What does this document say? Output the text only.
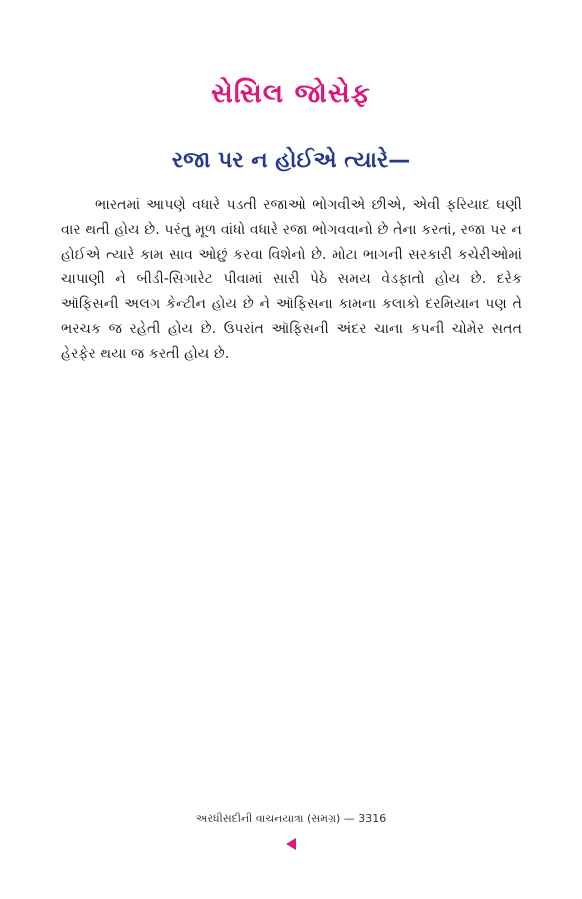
સેસિલ જોસેફ
રજા પર ન હોઈએ ત્યારે—

ભારતમાં આપણે વધારે પડતી રજાઓ ભોગવીએ છીએ, એવી ફરિયાદ ઘણી વાર થતી હોય છે. પરંતુ મૂળ વાંધો વધારે રજા ભોગવવાનો છે તેના કરતાં, રજા પર ન હોઈએ ત્યારે કામ સાવ ઓછું કરવા વિશેનો છે. મોટા ભાગની સરકારી કચેરીઓમાં ચાપાણી ને બીડી-સિગારેટ પીવામાં સારી પેઠે સમય વેડફાતો હોય છે. દરેક ઑફિસની અલગ કેન્ટીન હોય છે ને ઑફિસના કામના કલાકો દરમિયાન પણ તે ભરચક જ રહેતી હોય છે. ઉપરાંત ઑફિસની અંદર ચાના કપની ચોમેર સતત હેરફેર થયા જ કરતી હોય છે.

અરધીસદીની વાચનયાત્રા (સમગ્ર) — 3316
